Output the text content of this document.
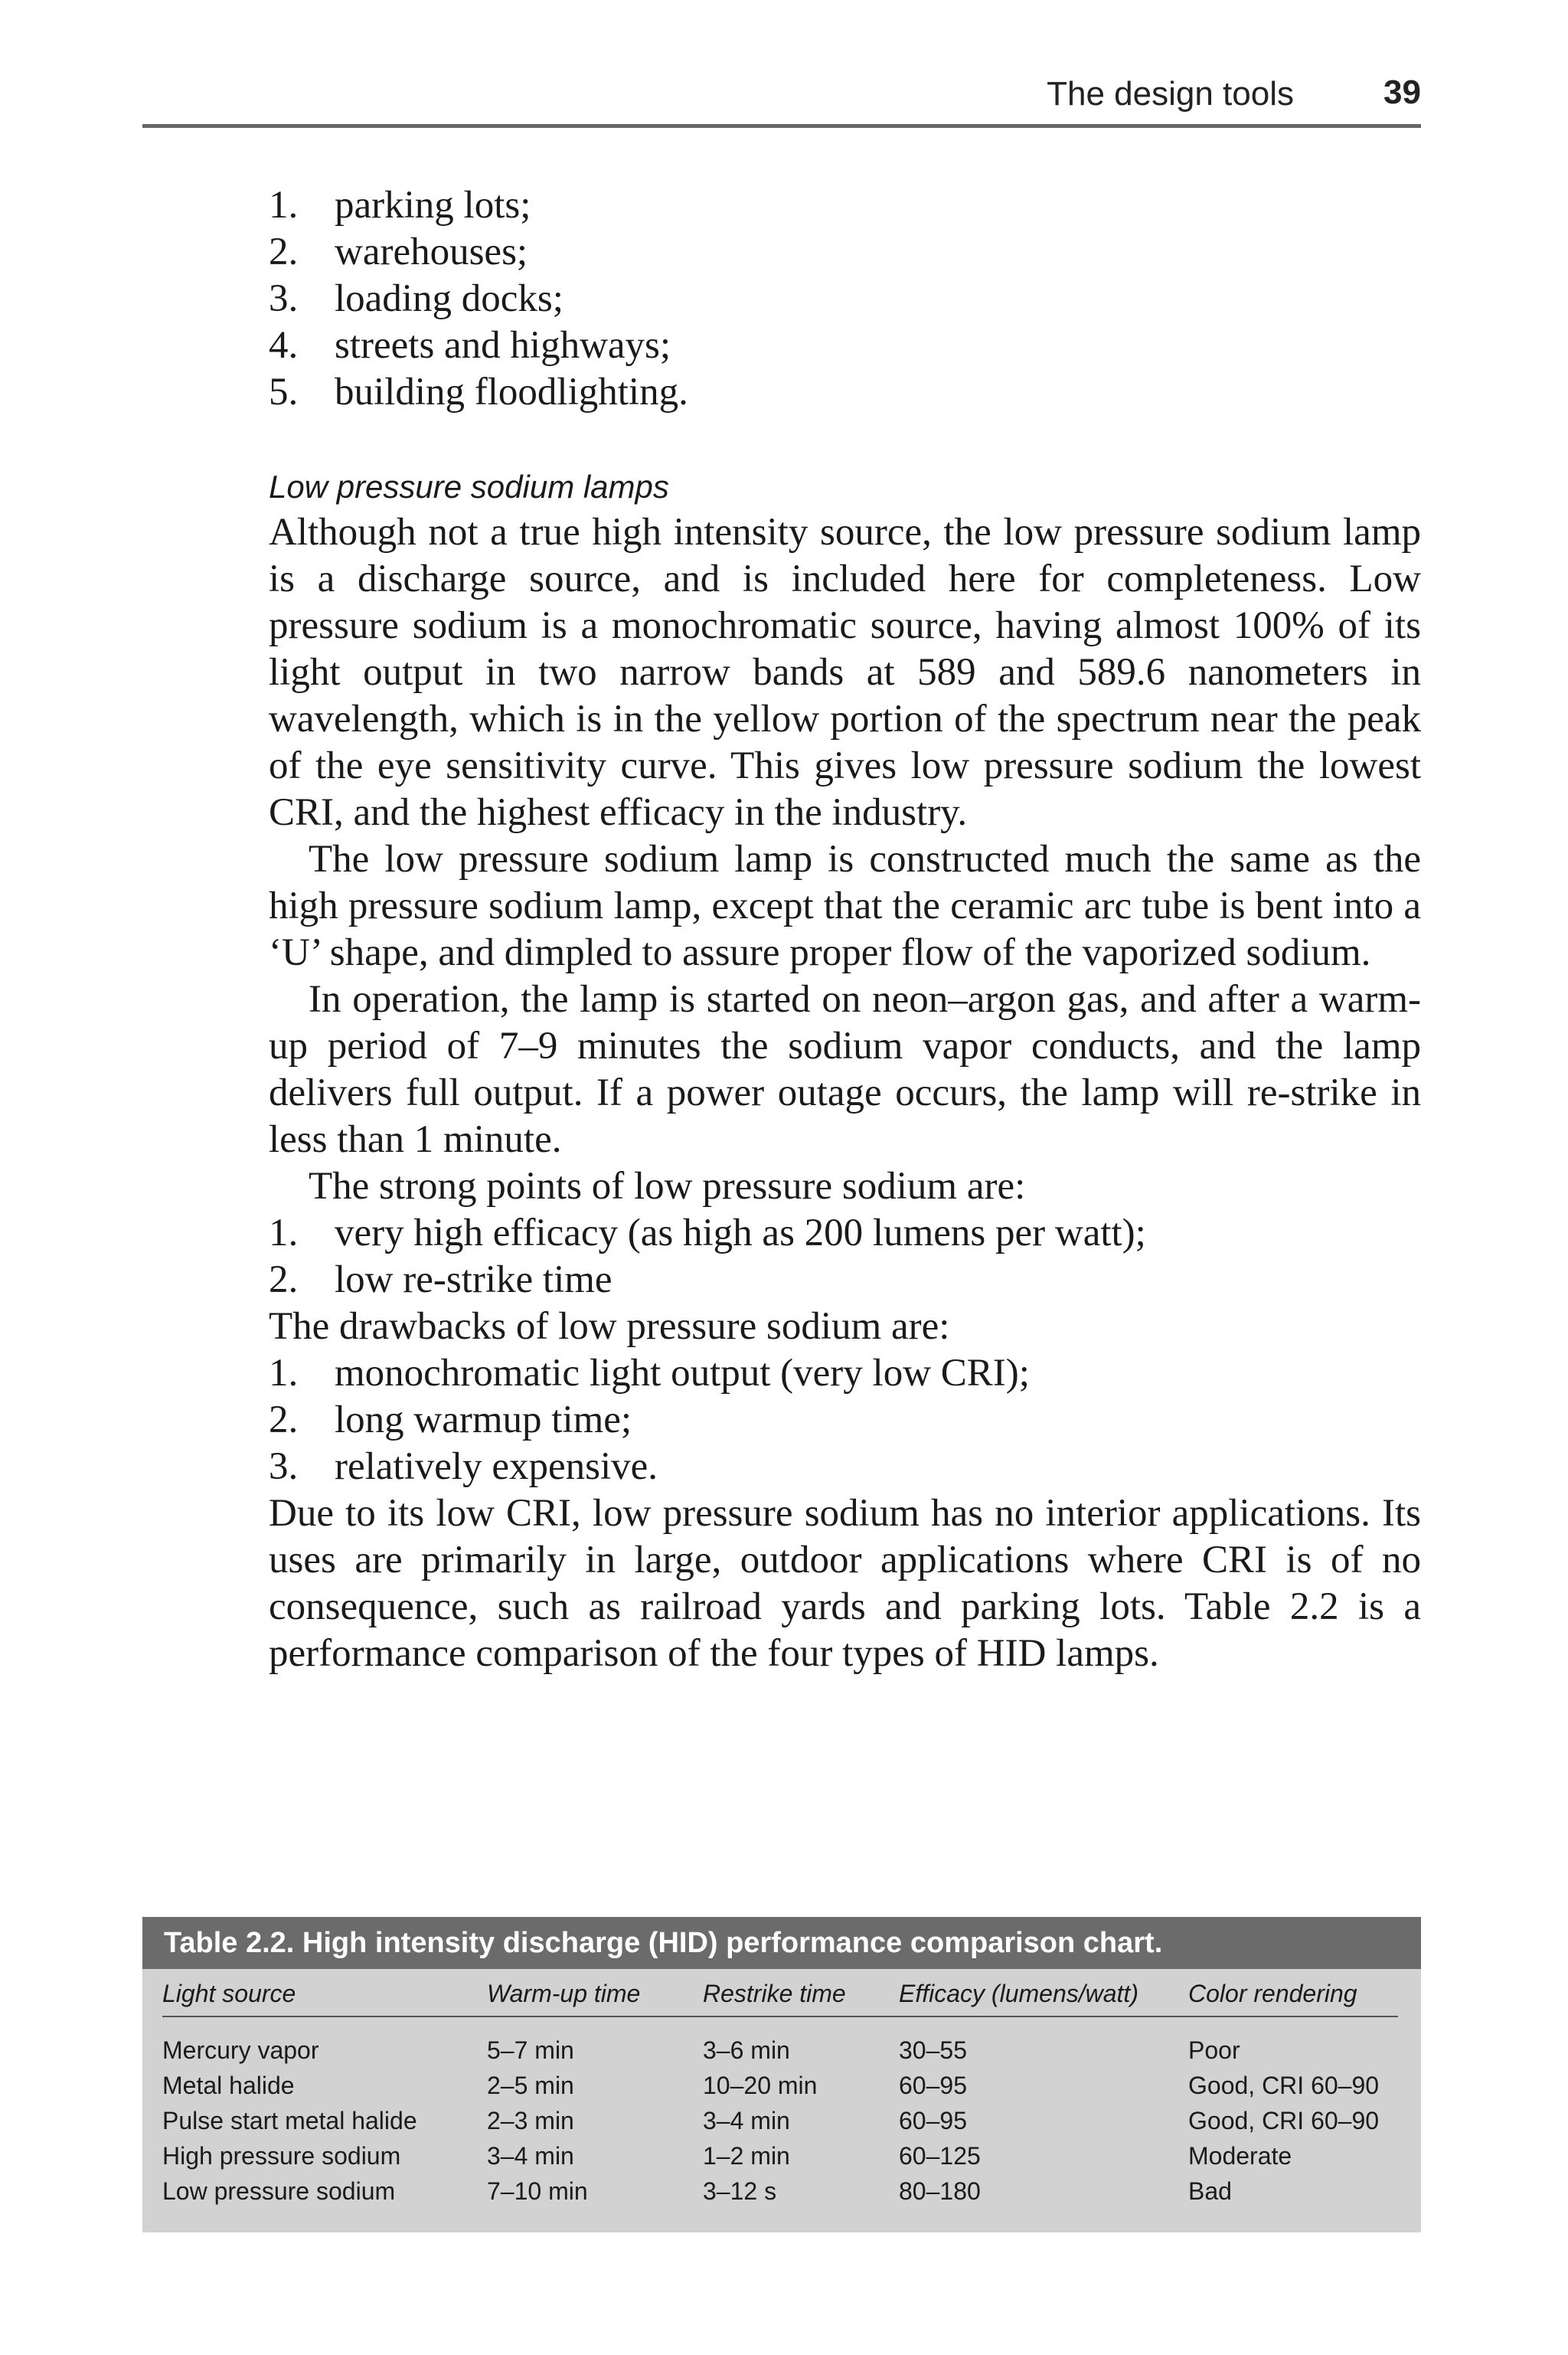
The design tools	39
1. parking lots;
2. warehouses;
3. loading docks;
4. streets and highways;
5. building floodlighting.
Low pressure sodium lamps

Although not a true high intensity source, the low pressure sodium lamp is a discharge source, and is included here for completeness. Low pressure sodium is a monochromatic source, having almost 100% of its light output in two narrow bands at 589 and 589.6 nanometers in wavelength, which is in the yellow portion of the spectrum near the peak of the eye sensitivity curve. This gives low pressure sodium the lowest CRI, and the highest efficacy in the industry.

The low pressure sodium lamp is constructed much the same as the high pressure sodium lamp, except that the ceramic arc tube is bent into a ‘U’ shape, and dimpled to assure proper flow of the vaporized sodium.

In operation, the lamp is started on neon–argon gas, and after a warm-up period of 7–9 minutes the sodium vapor conducts, and the lamp delivers full output. If a power outage occurs, the lamp will re-strike in less than 1 minute.

The strong points of low pressure sodium are:

1. very high efficacy (as high as 200 lumens per watt);
2. low re-strike time

The drawbacks of low pressure sodium are:

1. monochromatic light output (very low CRI);
2. long warmup time;
3. relatively expensive.

Due to its low CRI, low pressure sodium has no interior applications. Its uses are primarily in large, outdoor applications where CRI is of no consequence, such as railroad yards and parking lots. Table 2.2 is a performance comparison of the four types of HID lamps.

Table 2.2. High intensity discharge (HID) performance comparison chart.
Light source	Warm-up time	Restrike time	Efficacy (lumens/watt)	Color rendering
Mercury vapor	5–7 min	3–6 min	30–55	Poor
Metal halide	2–5 min	10–20 min	60–95	Good, CRI 60–90
Pulse start metal halide	2–3 min	3–4 min	60–95	Good, CRI 60–90
High pressure sodium	3–4 min	1–2 min	60–125	Moderate
Low pressure sodium	7–10 min	3–12 s	80–180	Bad
